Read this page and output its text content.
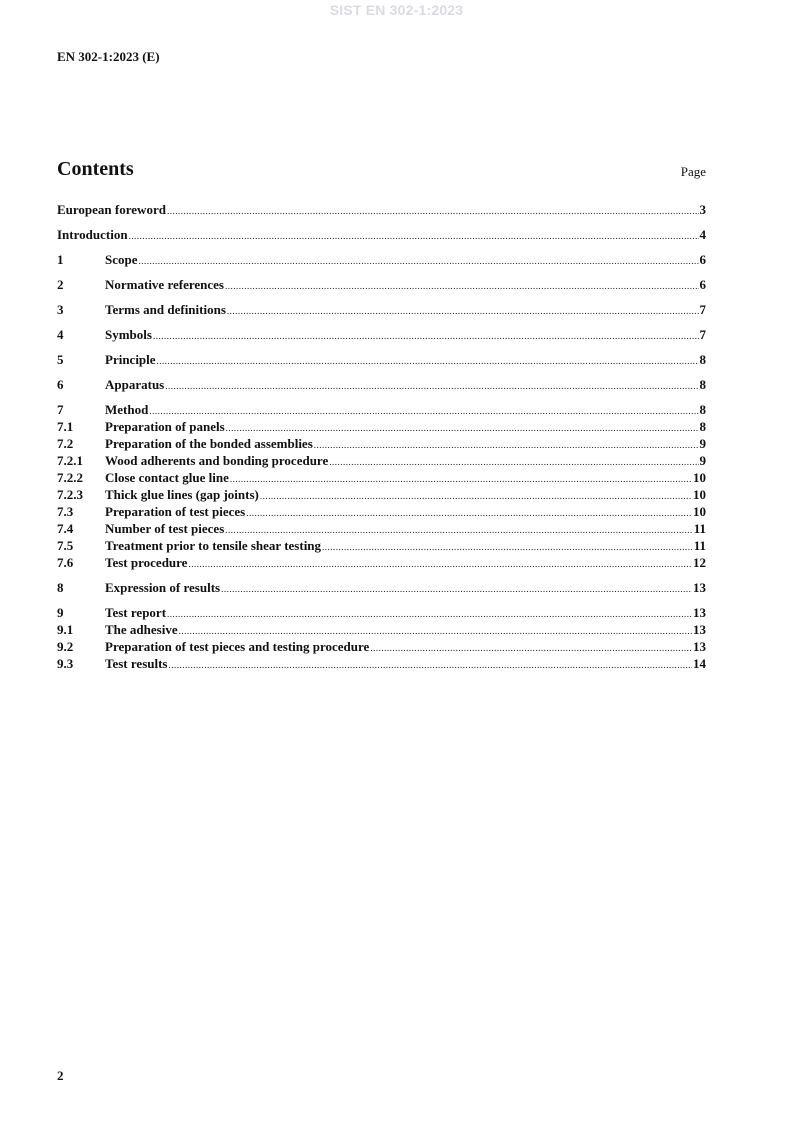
SIST EN 302-1:2023
EN 302-1:2023 (E)
Contents	Page
European foreword .....	3
Introduction .....	4
1	Scope .....	6
2	Normative references .....	6
3	Terms and definitions .....	7
4	Symbols .....	7
5	Principle .....	8
6	Apparatus .....	8
7	Method .....	8
7.1	Preparation of panels .....	8
7.2	Preparation of the bonded assemblies .....	9
7.2.1	Wood adherents and bonding procedure .....	9
7.2.2	Close contact glue line .....	10
7.2.3	Thick glue lines (gap joints) .....	10
7.3	Preparation of test pieces .....	10
7.4	Number of test pieces .....	11
7.5	Treatment prior to tensile shear testing .....	11
7.6	Test procedure .....	12
8	Expression of results .....	13
9	Test report .....	13
9.1	The adhesive .....	13
9.2	Preparation of test pieces and testing procedure .....	13
9.3	Test results .....	14
2
